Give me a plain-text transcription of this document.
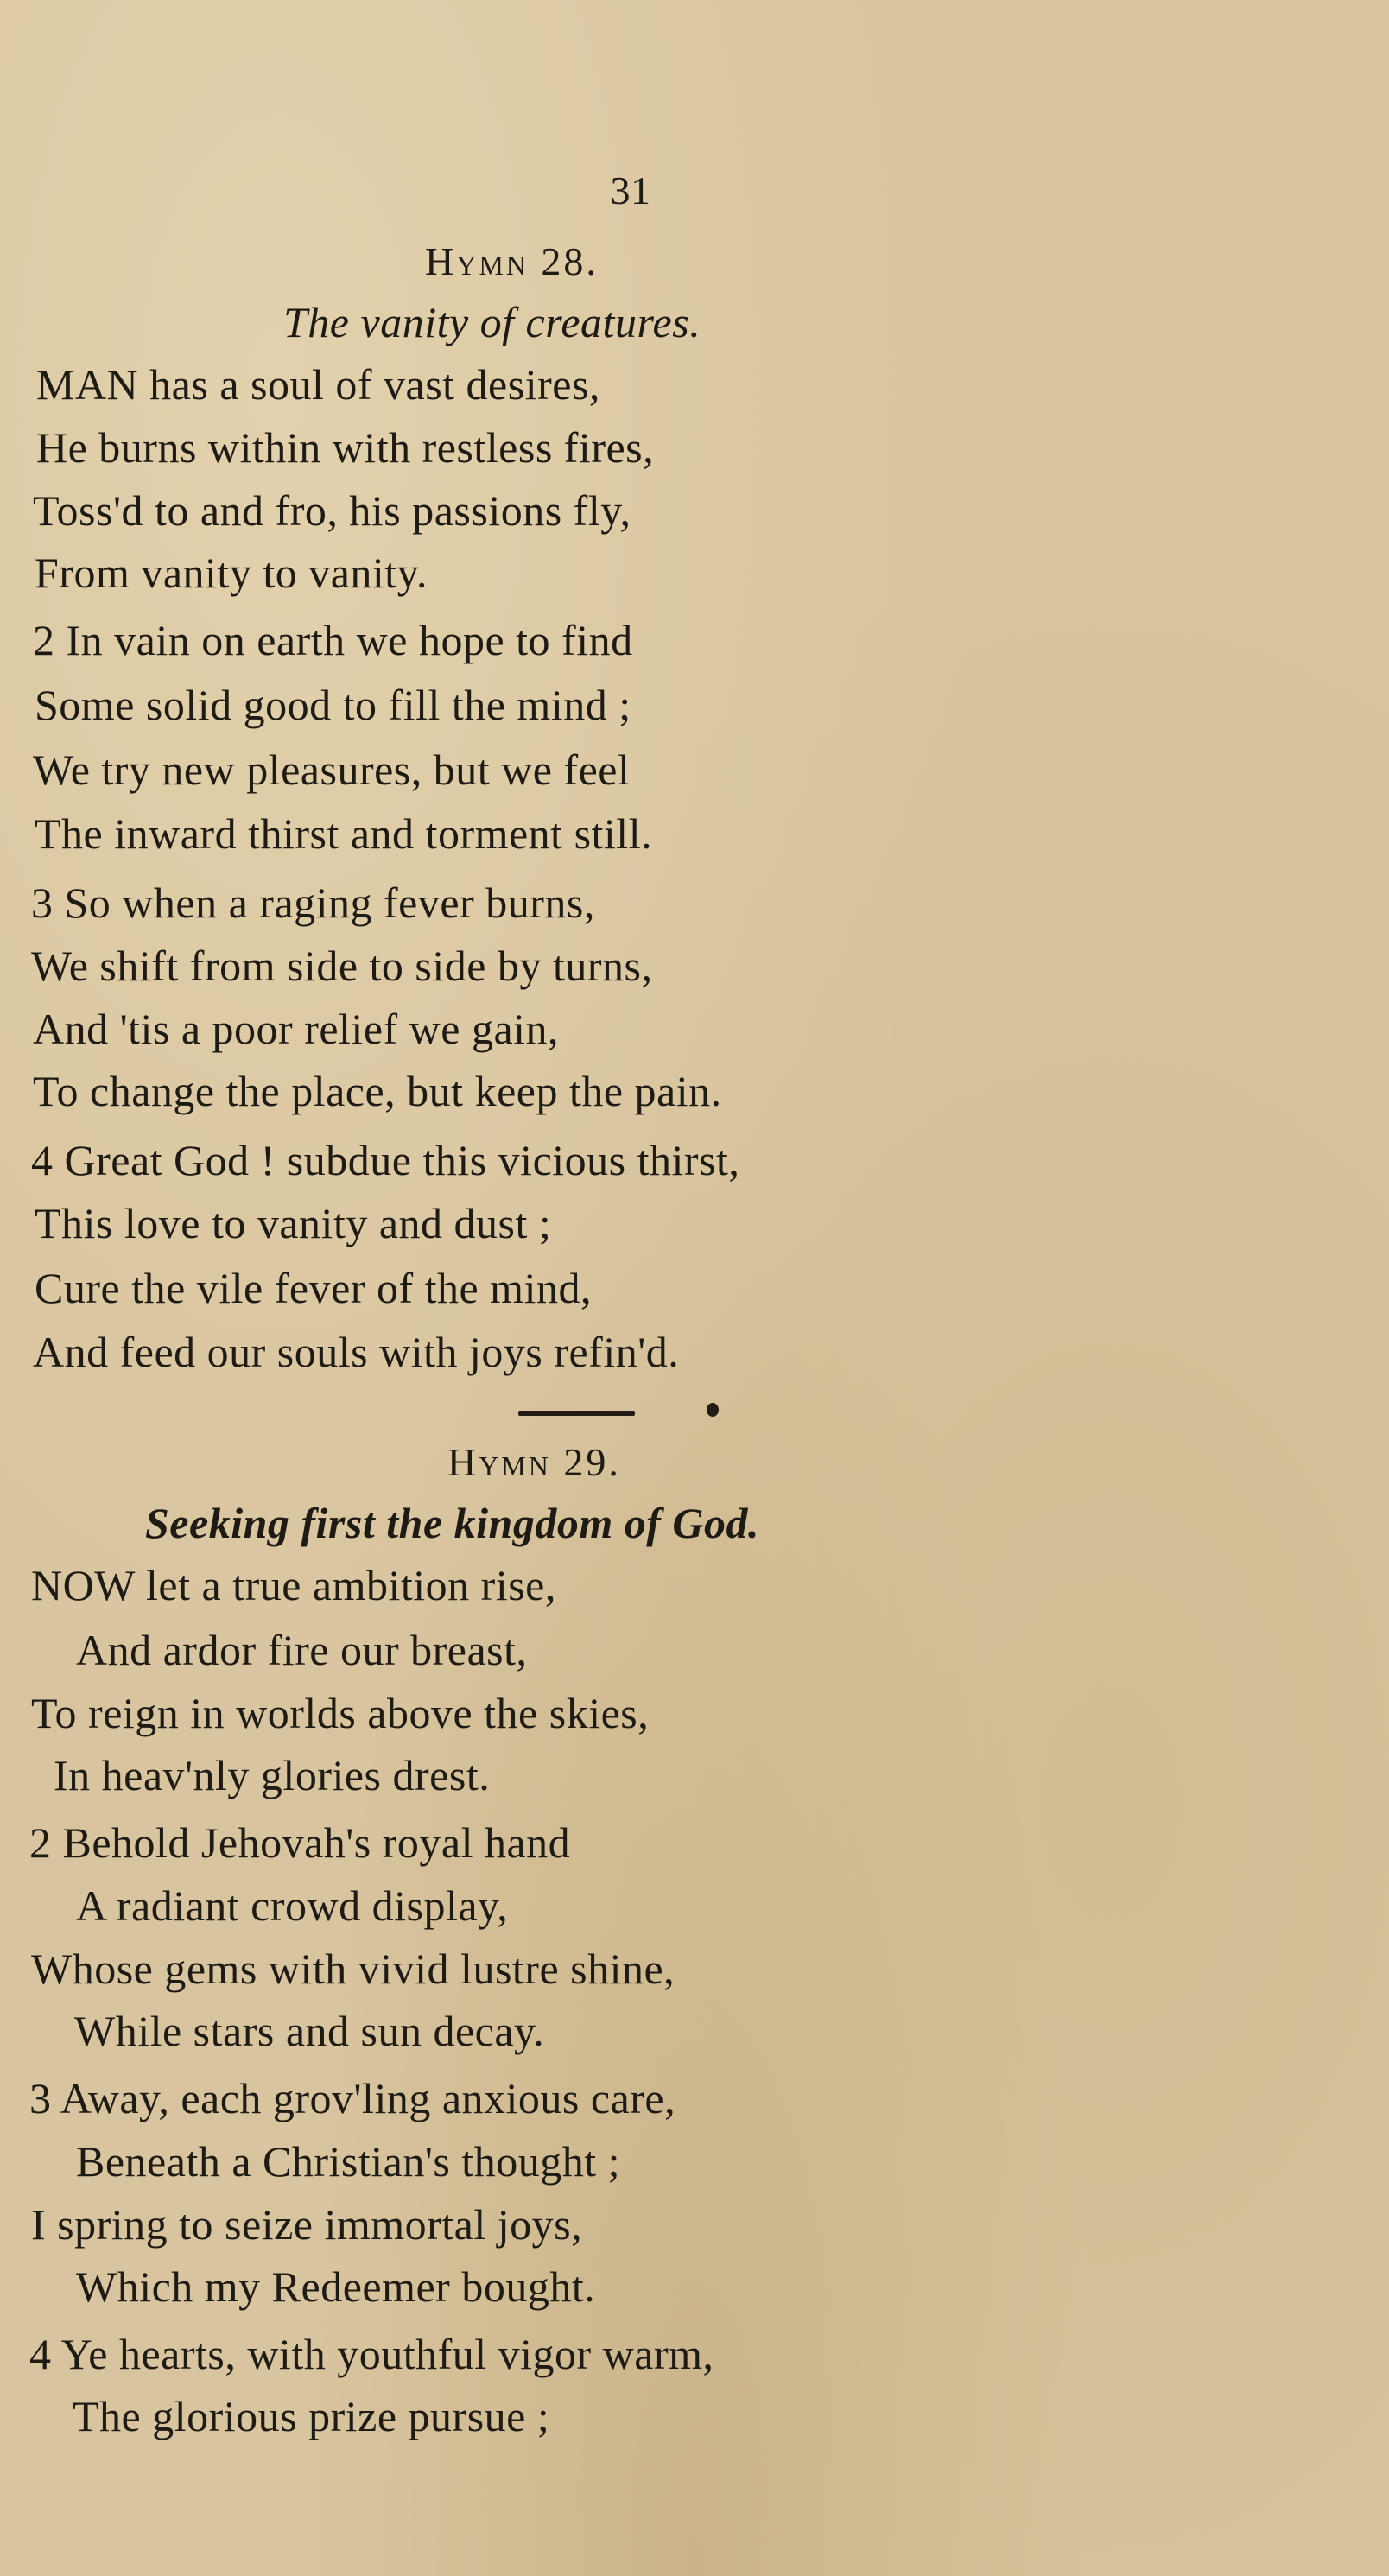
31
Hymn 28.
The vanity of creatures.
MAN has a soul of vast desires,
He burns within with restless fires,
Toss'd to and fro, his passions fly,
From vanity to vanity.
2 In vain on earth we hope to find
Some solid good to fill the mind ;
We try new pleasures, but we feel
The inward thirst and torment still.
3 So when a raging fever burns,
We shift from side to side by turns,
And 'tis a poor relief we gain,
To change the place, but keep the pain.
4 Great God ! subdue this vicious thirst,
This love to vanity and dust ;
Cure the vile fever of the mind,
And feed our souls with joys refin'd.
Hymn 29.
Seeking first the kingdom of God.
NOW let a true ambition rise,
And ardor fire our breast,
To reign in worlds above the skies,
In heav'nly glories drest.
2 Behold Jehovah's royal hand
A radiant crowd display,
Whose gems with vivid lustre shine,
While stars and sun decay.
3 Away, each grov'ling anxious care,
Beneath a Christian's thought ;
I spring to seize immortal joys,
Which my Redeemer bought.
4 Ye hearts, with youthful vigor warm,
The glorious prize pursue ;
